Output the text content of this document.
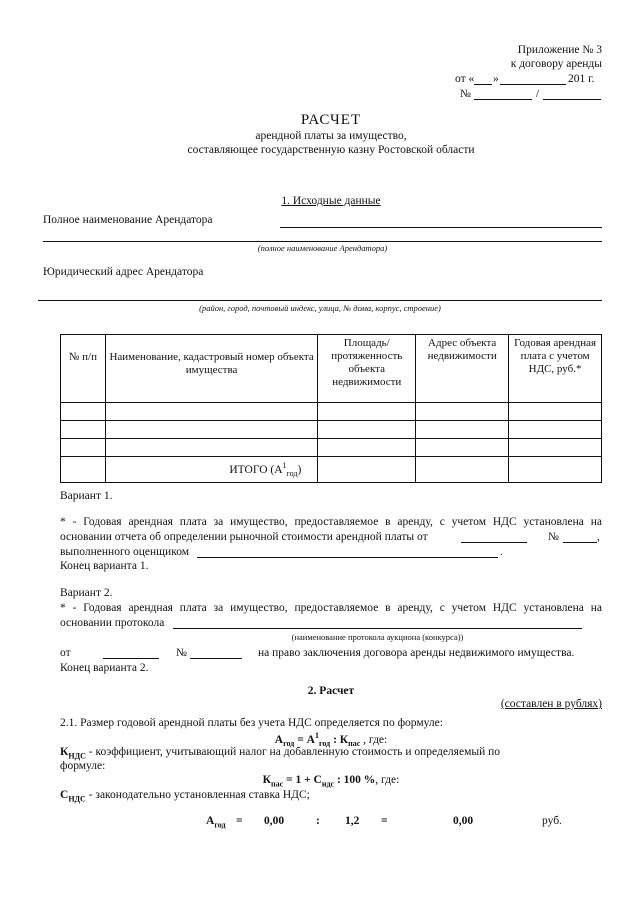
Приложение № 3
к договору аренды
от « »	201 г.
№	/
РАСЧЕТ
арендной платы за имущество,
составляющее государственную казну Ростовской области
1. Исходные данные
Полное наименование Арендатора
(полное наименование Арендатора)
Юридический адрес Арендатора
(район, город, почтовый индекс, улица, № дома, корпус, строение)
№ п/п	Наименование, кадастровый номер объекта имущества	Площадь/ протяженность объекта недвижимости	Адрес объекта недвижимости	Годовая арендная плата с учетом НДС, руб.*

	ИТОГО $(А^1_{год})$			
Вариант 1.
* - Годовая арендная плата за имущество, предоставляемое в аренду, с учетом НДС установлена на
основании отчета об определении рыночной стоимости арендной платы от	№	,
выполненного оценщиком	.
Конец варианта 1.
Вариант 2.
* - Годовая арендная плата за имущество, предоставляемое в аренду, с учетом НДС установлена на
основании протокола
(наименование протокола аукциона (конкурса))
от	№	на право заключения договора аренды недвижимого имущества.
Конец варианта 2.
2. Расчет
(составлен в рублях)
2.1. Размер годовой арендной платы без учета НДС определяется по формуле:
$А_{год} = А^1_{год}$ : $К_{пас}$ , где:
$К_{НДС}$ - коэффициент, учитывающий налог на добавленную стоимость и определяемый по
формуле:
$К_{пас} = 1 + С_{ндс}$ : 100 %, где:
$С_{НДС}$ - законодательно установленная ставка НДС;
$А_{год} = 0,00$	: 1,2 =	0,00	руб.
